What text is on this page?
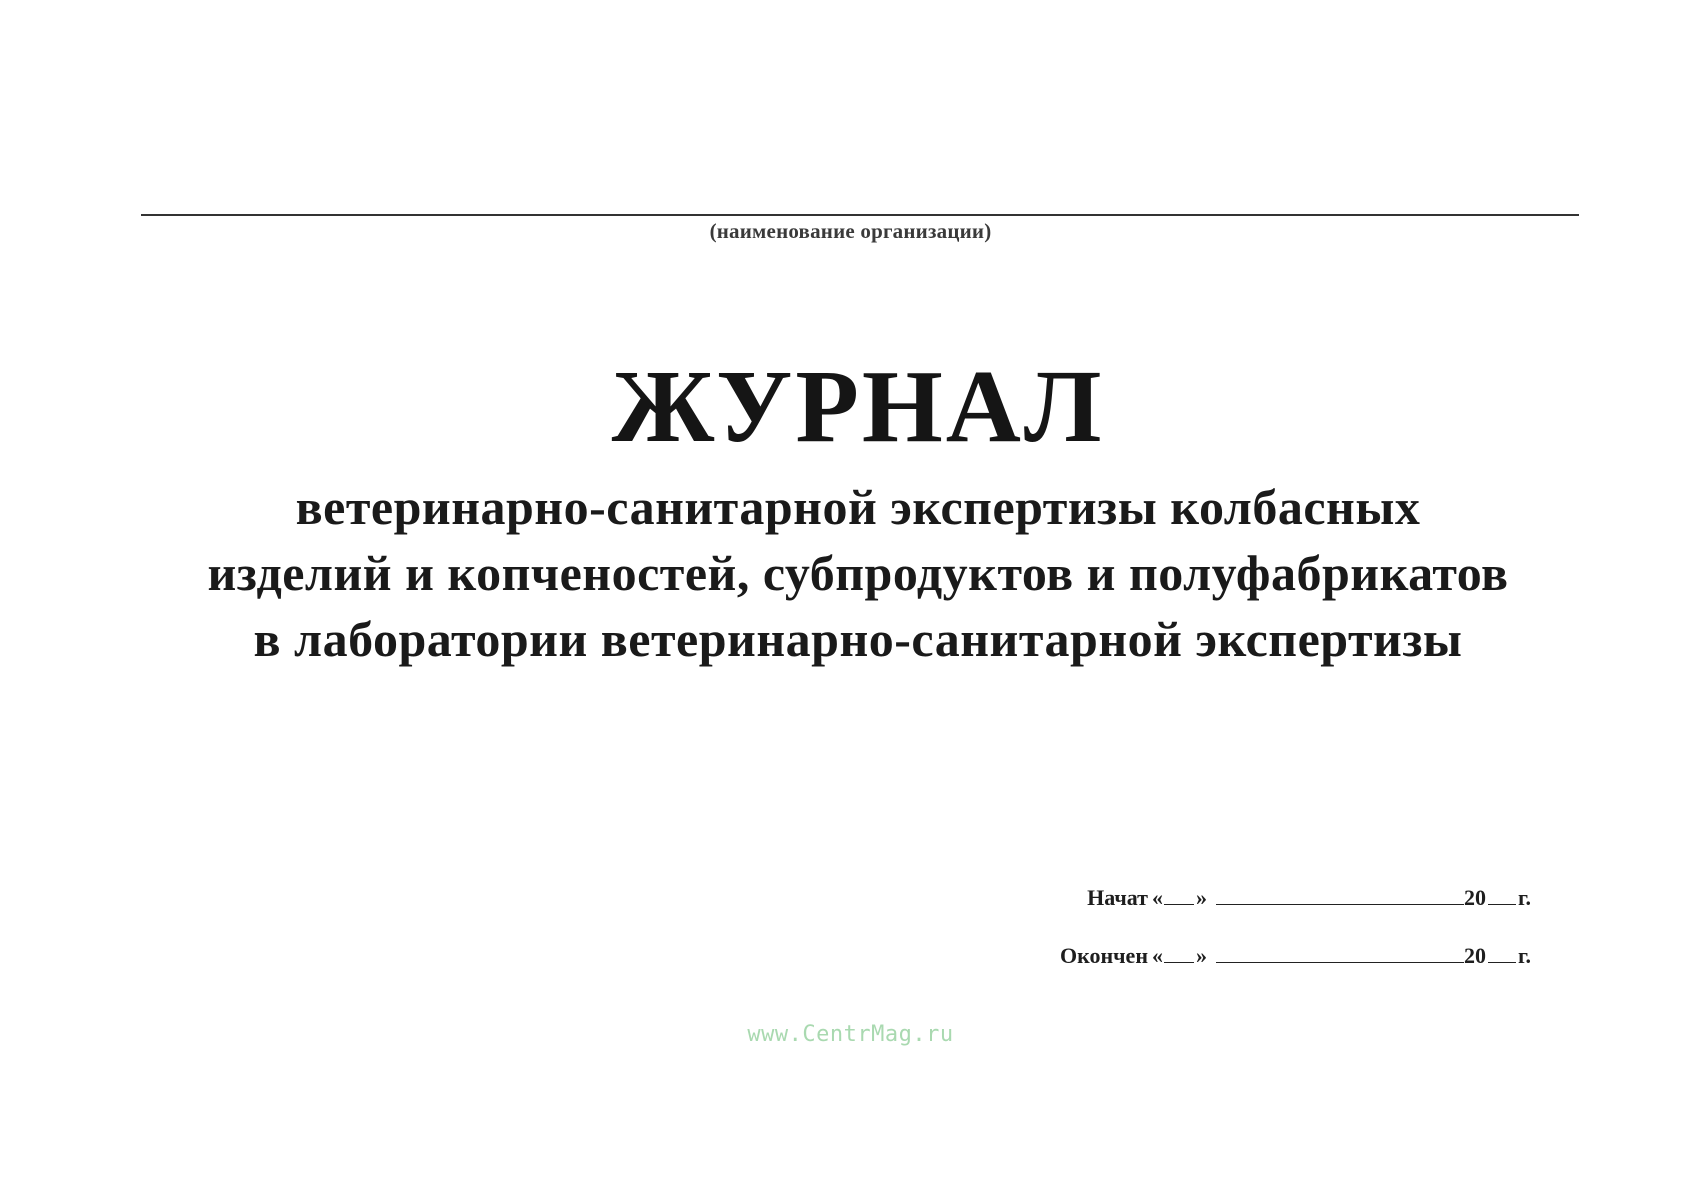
(наименование организации)
ЖУРНАЛ
ветеринарно-санитарной экспертизы колбасных
изделий и копченостей, субпродуктов и полуфабрикатов
в лаборатории ветеринарно-санитарной экспертизы
Начат « »	20 г.
Окончен « »	20 г.
www.CentrMag.ru
